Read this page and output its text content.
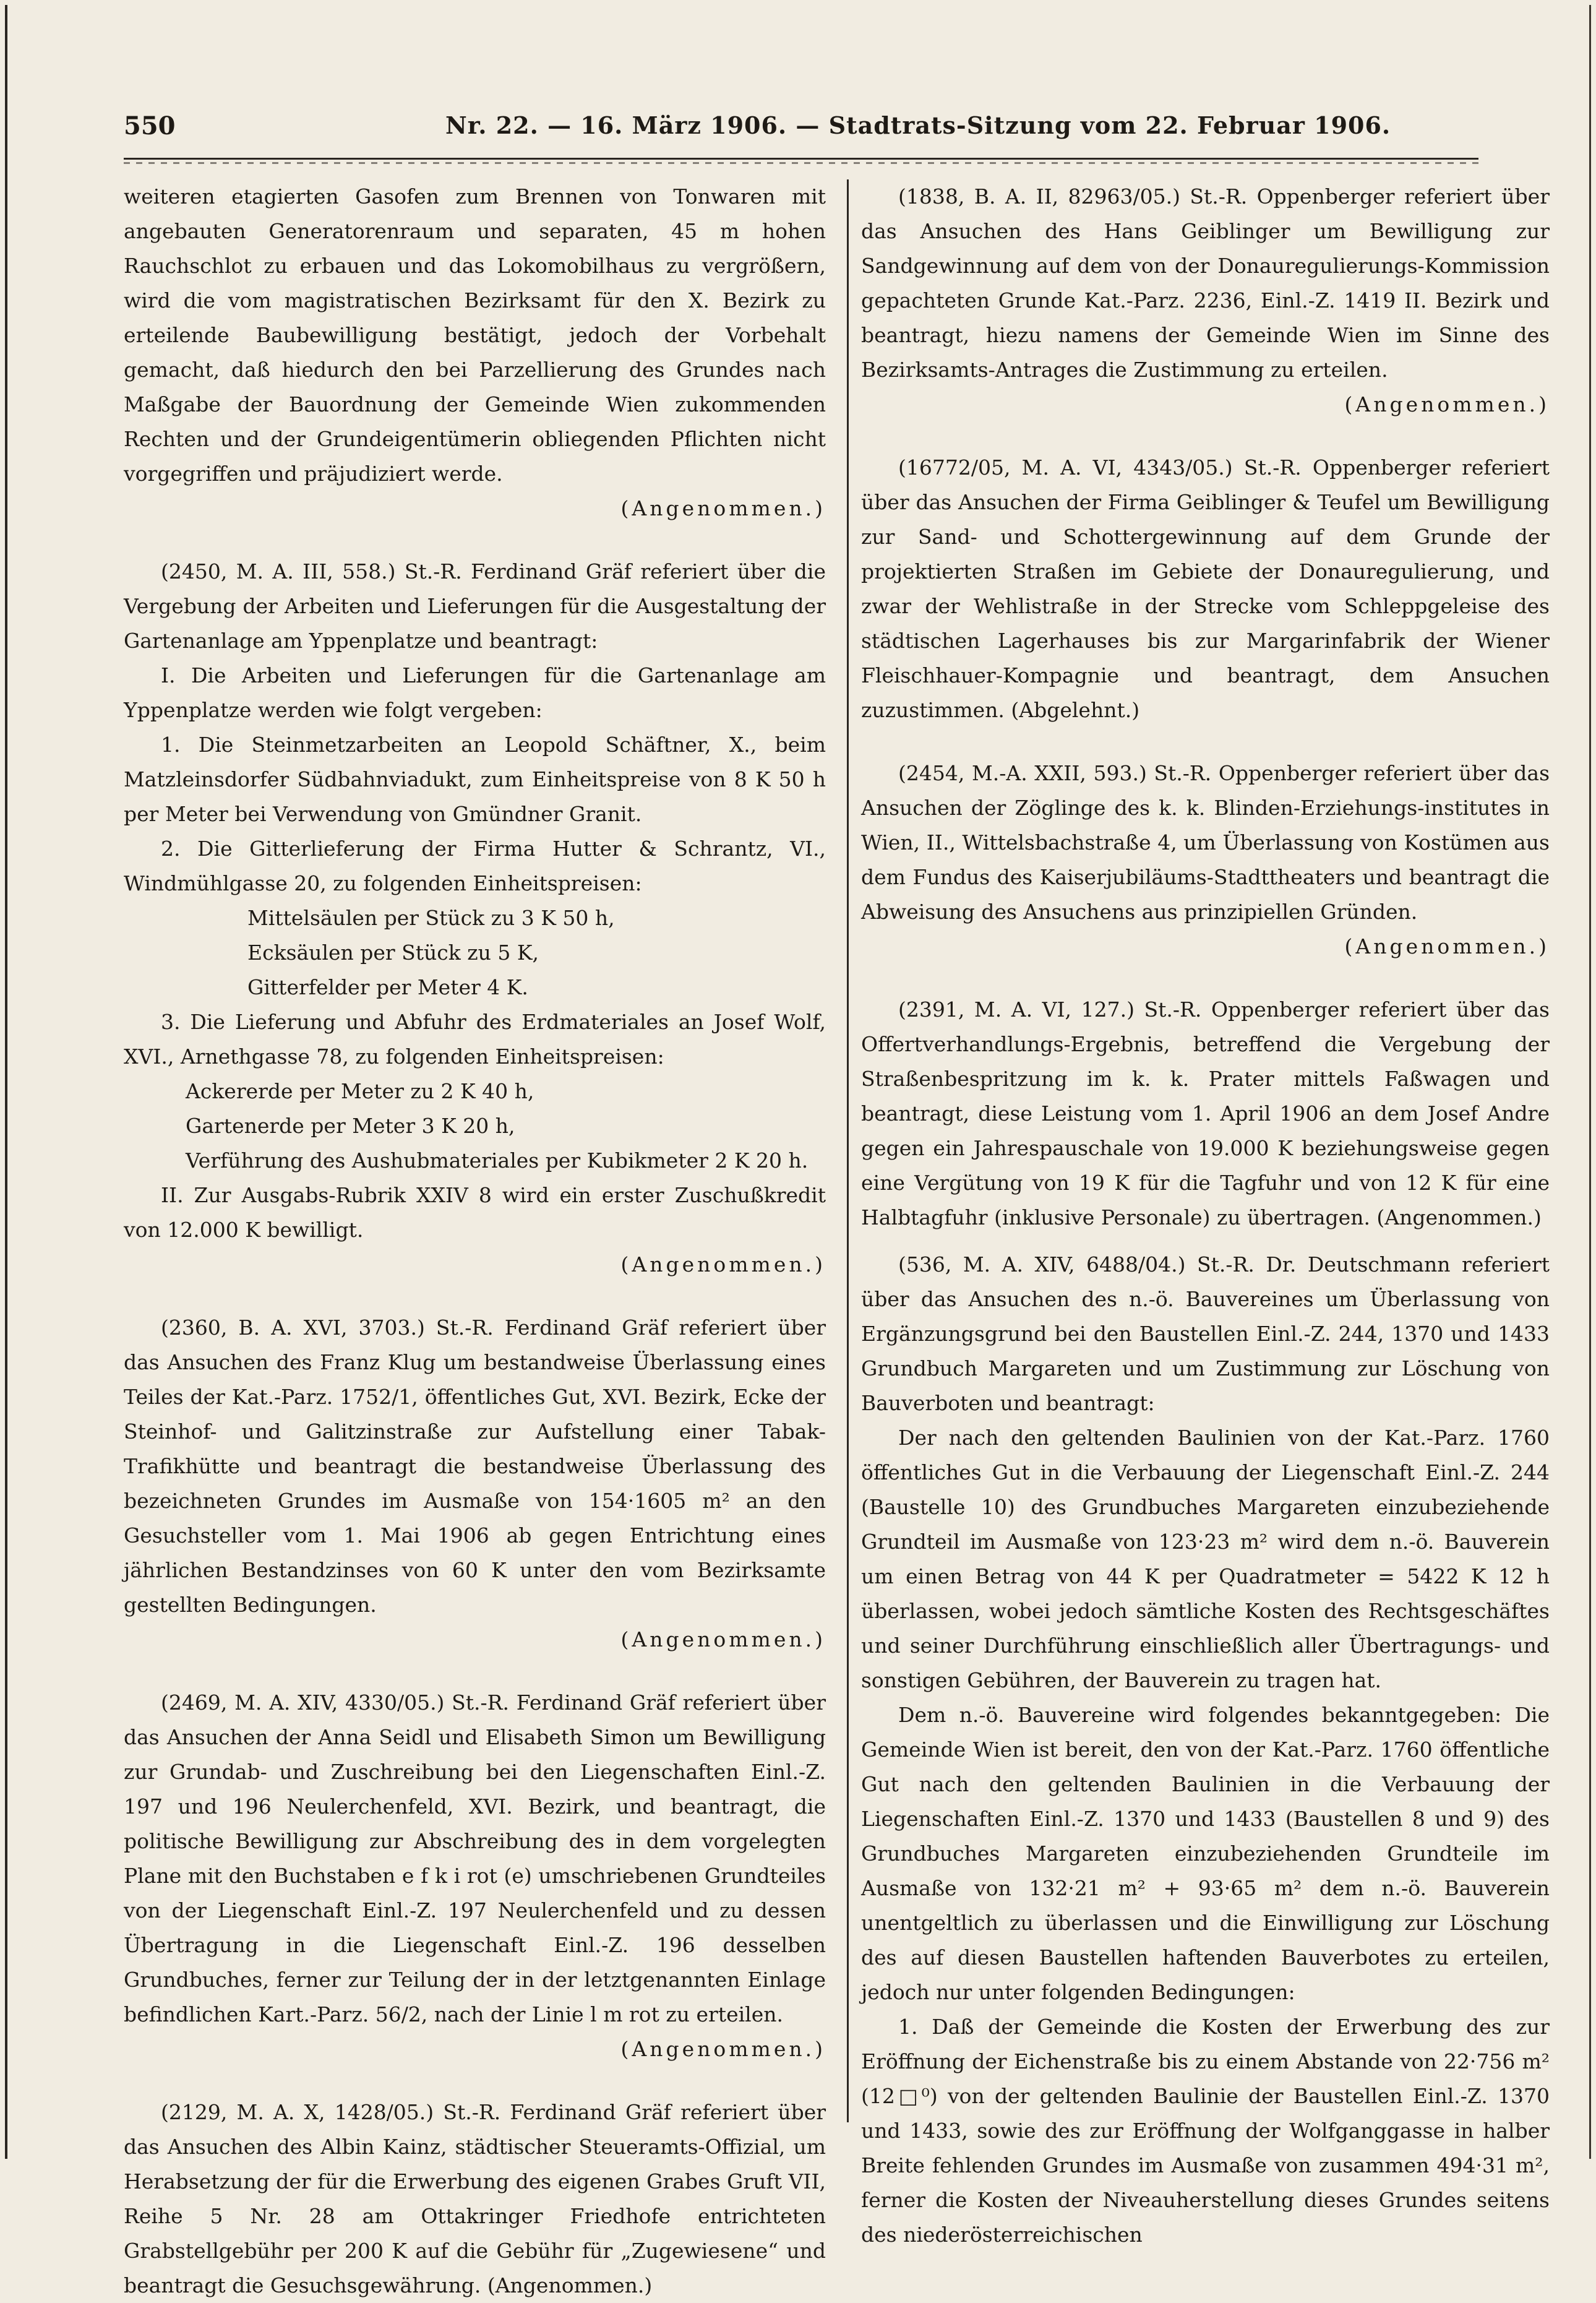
550	Nr. 22. — 16. März 1906. — Stadtrats-Sitzung vom 22. Februar 1906.

weiteren etagierten Gasofen zum Brennen von Tonwaren mit angebauten Generatorenraum und separaten, 45 m hohen Rauchschlot zu erbauen und das Lokomobilhaus zu vergrößern, wird die vom magistratischen Bezirksamt für den X. Bezirk zu erteilende Baubewilligung bestätigt, jedoch der Vorbehalt gemacht, daß hiedurch den bei Parzellierung des Grundes nach Maßgabe der Bauordnung der Gemeinde Wien zukommenden Rechten und der Grundeigentümerin obliegenden Pflichten nicht vorgegriffen und präjudiziert werde.

(Angenommen.)

(2450, M. A. III, 558.) St.-R. Ferdinand Gräf referiert über die Vergebung der Arbeiten und Lieferungen für die Ausgestaltung der Gartenanlage am Yppenplatze und beantragt:

I. Die Arbeiten und Lieferungen für die Gartenanlage am Yppenplatze werden wie folgt vergeben:

1. Die Steinmetzarbeiten an Leopold Schäftner, X., beim Matzleinsdorfer Südbahnviadukt, zum Einheitspreise von 8 K 50 h per Meter bei Verwendung von Gmündner Granit.

2. Die Gitterlieferung der Firma Hutter & Schrantz, VI., Windmühlgasse 20, zu folgenden Einheitspreisen:

Mittelsäulen per Stück zu 3 K 50 h,

Ecksäulen per Stück zu 5 K,

Gitterfelder per Meter 4 K.

3. Die Lieferung und Abfuhr des Erdmateriales an Josef Wolf, XVI., Arnethgasse 78, zu folgenden Einheitspreisen:

Ackererde per Meter zu 2 K 40 h,

Gartenerde per Meter 3 K 20 h,

Verführung des Aushubmateriales per Kubikmeter 2 K 20 h.

II. Zur Ausgabs-Rubrik XXIV 8 wird ein erster Zuschußkredit von 12.000 K bewilligt.

(Angenommen.)

(2360, B. A. XVI, 3703.) St.-R. Ferdinand Gräf referiert über das Ansuchen des Franz Klug um bestandweise Überlassung eines Teiles der Kat.-Parz. 1752/1, öffentliches Gut, XVI. Bezirk, Ecke der Steinhof- und Galitzinstraße zur Aufstellung einer Tabak-Trafikhütte und beantragt die bestandweise Überlassung des bezeichneten Grundes im Ausmaße von 154·1605 m² an den Gesuchsteller vom 1. Mai 1906 ab gegen Entrichtung eines jährlichen Bestandzinses von 60 K unter den vom Bezirksamte gestellten Bedingungen.

(Angenommen.)

(2469, M. A. XIV, 4330/05.) St.-R. Ferdinand Gräf referiert über das Ansuchen der Anna Seidl und Elisabeth Simon um Bewilligung zur Grundab- und Zuschreibung bei den Liegenschaften Einl.-Z. 197 und 196 Neulerchenfeld, XVI. Bezirk, und beantragt, die politische Bewilligung zur Abschreibung des in dem vorgelegten Plane mit den Buchstaben e f k i rot (e) umschriebenen Grundteiles von der Liegenschaft Einl.-Z. 197 Neulerchenfeld und zu dessen Übertragung in die Liegenschaft Einl.-Z. 196 desselben Grundbuches, ferner zur Teilung der in der letztgenannten Einlage befindlichen Kart.-Parz. 56/2, nach der Linie l m rot zu erteilen.

(Angenommen.)

(2129, M. A. X, 1428/05.) St.-R. Ferdinand Gräf referiert über das Ansuchen des Albin Kainz, städtischer Steueramts-Offizial, um Herabsetzung der für die Erwerbung des eigenen Grabes Gruft VII, Reihe 5 Nr. 28 am Ottakringer Friedhofe entrichteten Grabstellgebühr per 200 K auf die Gebühr für „Zugewiesene“ und beantragt die Gesuchsgewährung. (Angenommen.)

(1838, B. A. II, 82963/05.) St.-R. Oppenberger referiert über das Ansuchen des Hans Geiblinger um Bewilligung zur Sandgewinnung auf dem von der Donauregulierungs-Kommission gepachteten Grunde Kat.-Parz. 2236, Einl.-Z. 1419 II. Bezirk und beantragt, hiezu namens der Gemeinde Wien im Sinne des Bezirksamts-Antrages die Zustimmung zu erteilen.

(Angenommen.)

(16772/05, M. A. VI, 4343/05.) St.-R. Oppenberger referiert über das Ansuchen der Firma Geiblinger & Teufel um Bewilligung zur Sand- und Schottergewinnung auf dem Grunde der projektierten Straßen im Gebiete der Donauregulierung, und zwar der Wehlistraße in der Strecke vom Schleppgeleise des städtischen Lagerhauses bis zur Margarinfabrik der Wiener Fleischhauer-Kompagnie und beantragt, dem Ansuchen zuzustimmen. (Abgelehnt.)

(2454, M.-A. XXII, 593.) St.-R. Oppenberger referiert über das Ansuchen der Zöglinge des k. k. Blinden-Erziehungs-institutes in Wien, II., Wittelsbachstraße 4, um Überlassung von Kostümen aus dem Fundus des Kaiserjubiläums-Stadttheaters und beantragt die Abweisung des Ansuchens aus prinzipiellen Gründen.

(Angenommen.)

(2391, M. A. VI, 127.) St.-R. Oppenberger referiert über das Offertverhandlungs-Ergebnis, betreffend die Vergebung der Straßenbespritzung im k. k. Prater mittels Faßwagen und beantragt, diese Leistung vom 1. April 1906 an dem Josef Andre gegen ein Jahrespauschale von 19.000 K beziehungsweise gegen eine Vergütung von 19 K für die Tagfuhr und von 12 K für eine Halbtagfuhr (inklusive Personale) zu übertragen. (Angenommen.)

(536, M. A. XIV, 6488/04.) St.-R. Dr. Deutschmann referiert über das Ansuchen des n.-ö. Bauvereines um Überlassung von Ergänzungsgrund bei den Baustellen Einl.-Z. 244, 1370 und 1433 Grundbuch Margareten und um Zustimmung zur Löschung von Bauverboten und beantragt:

Der nach den geltenden Baulinien von der Kat.-Parz. 1760 öffentliches Gut in die Verbauung der Liegenschaft Einl.-Z. 244 (Baustelle 10) des Grundbuches Margareten einzubeziehende Grundteil im Ausmaße von 123·23 m² wird dem n.-ö. Bauverein um einen Betrag von 44 K per Quadratmeter = 5422 K 12 h überlassen, wobei jedoch sämtliche Kosten des Rechtsgeschäftes und seiner Durchführung einschließlich aller Übertragungs- und sonstigen Gebühren, der Bauverein zu tragen hat.

Dem n.-ö. Bauvereine wird folgendes bekanntgegeben: Die Gemeinde Wien ist bereit, den von der Kat.-Parz. 1760 öffentliche Gut nach den geltenden Baulinien in die Verbauung der Liegenschaften Einl.-Z. 1370 und 1433 (Baustellen 8 und 9) des Grundbuches Margareten einzubeziehenden Grundteile im Ausmaße von 132·21 m² + 93·65 m² dem n.-ö. Bauverein unentgeltlich zu überlassen und die Einwilligung zur Löschung des auf diesen Baustellen haftenden Bauverbotes zu erteilen, jedoch nur unter folgenden Bedingungen:

1. Daß der Gemeinde die Kosten der Erwerbung des zur Eröffnung der Eichenstraße bis zu einem Abstande von 22·756 m² (12□⁰) von der geltenden Baulinie der Baustellen Einl.-Z. 1370 und 1433, sowie des zur Eröffnung der Wolfganggasse in halber Breite fehlenden Grundes im Ausmaße von zusammen 494·31 m², ferner die Kosten der Niveauherstellung dieses Grundes seitens des niederösterreichischen
